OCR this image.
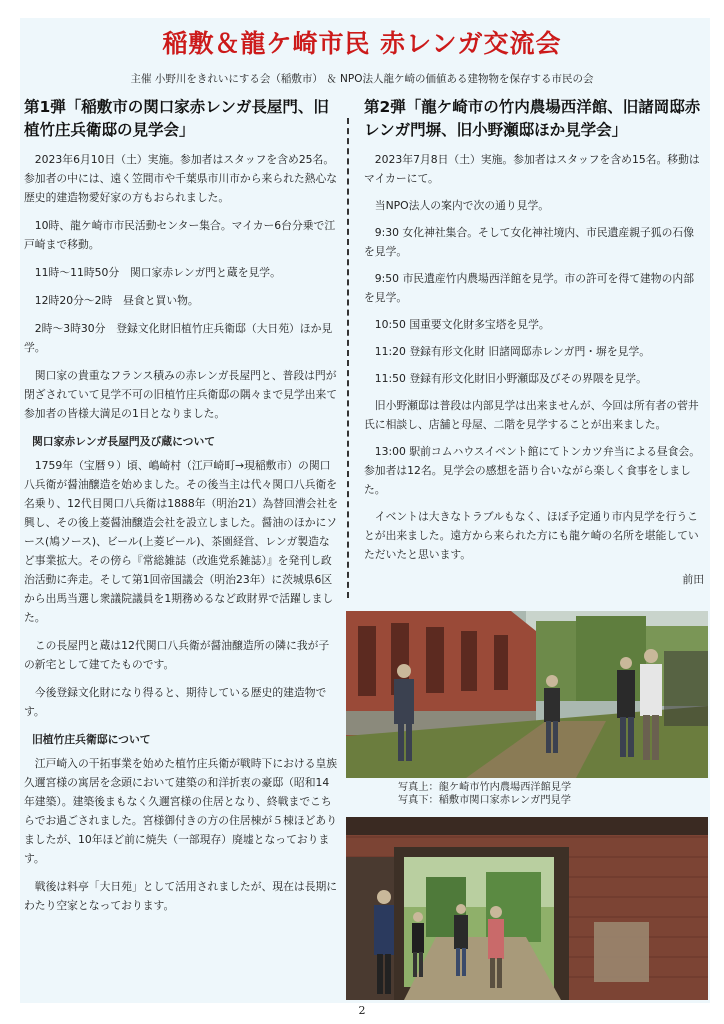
稲敷＆龍ケ崎市民 赤レンガ交流会
主催 小野川をきれいにする会（稲敷市） ＆ NPO法人龍ケ崎の価値ある建物物を保存する市民の会
第1弾「稲敷市の関口家赤レンガ長屋門、旧植竹庄兵衛邸の見学会」

2023年6月10日（土）実施。参加者はスタッフを含め25名。参加者の中には、遠く笠間市や千葉県市川市から来られた熱心な歴史的建造物愛好家の方もおられました。

10時、龍ケ崎市市民活動センター集合。マイカー6台分乗で江戸崎まで移動。

11時～11時50分　関口家赤レンガ門と蔵を見学。

12時20分～2時　昼食と買い物。

2時～3時30分　登録文化財旧植竹庄兵衛邸（大日苑）ほか見学。

関口家の貴重なフランス積みの赤レンガ長屋門と、普段は門が閉ざされていて見学不可の旧植竹庄兵衛邸の隅々まで見学出来て参加者の皆様大満足の1日となりました。

関口家赤レンガ長屋門及び蔵について

1759年（宝暦９）頃、嶋崎村（江戸崎町→現稲敷市）の関口八兵衛が醤油醸造を始めました。その後当主は代々関口八兵衛を名乗り、12代目関口八兵衛は1888年（明治21）為替回漕会社を興し、その後上菱醤油醸造会社を設立しました。醤油のほかにソース(鳩ソース)、ビール(上菱ビール)、茶園経営、レンガ製造など事業拡大。その傍ら『常総雑誌（改進党系雑誌）』を発刊し政治活動に奔走。そして第1回帝国議会（明治23年）に茨城県6区から出馬当選し衆議院議員を1期務めるなど政財界で活躍しました。

この長屋門と蔵は12代関口八兵衛が醤油醸造所の隣に我が子の新宅として建てたものです。

今後登録文化財になり得ると、期待している歴史的建造物です。

旧植竹庄兵衛邸について

江戸崎入の干拓事業を始めた植竹庄兵衛が戦時下における皇族久邇宮様の寓居を念頭において建築の和洋折衷の豪邸（昭和14年建築）。建築後まもなく久邇宮様の住居となり、終戦までこちらでお過ごされました。宮様御付きの方の住居棟が５棟ほどありましたが、10年ほど前に焼失（一部現存）廃墟となっております。

戦後は料亭「大日苑」として活用されましたが、現在は長期にわたり空家となっております。

第2弾「龍ケ崎市の竹内農場西洋館、旧諸岡邸赤レンガ門塀、旧小野瀬邸ほか見学会」

2023年7月8日（土）実施。参加者はスタッフを含め15名。移動はマイカーにて。

当NPO法人の案内で次の通り見学。

9:30 女化神社集合。そして女化神社境内、市民遺産親子狐の石像を見学。

9:50 市民遺産竹内農場西洋館を見学。市の許可を得て建物の内部を見学。

10:50 国重要文化財多宝塔を見学。

11:20 登録有形文化財 旧諸岡邸赤レンガ門・塀を見学。

11:50 登録有形文化財旧小野瀬邸及びその界隈を見学。

旧小野瀬邸は普段は内部見学は出来ませんが、今回は所有者の菅井氏に相談し、店舗と母屋、二階を見学することが出来ました。

13:00 駅前コムハウスイベント館にてトンカツ弁当による昼食会。参加者は12名。見学会の感想を語り合いながら楽しく食事をしました。

イベントは大きなトラブルもなく、ほぼ予定通り市内見学を行うことが出来ました。遠方から来られた方にも龍ケ崎の名所を堪能していただいたと思います。

前田
写真上：龍ケ崎市竹内農場西洋館見学
写真下：稲敷市関口家赤レンガ門見学
2
